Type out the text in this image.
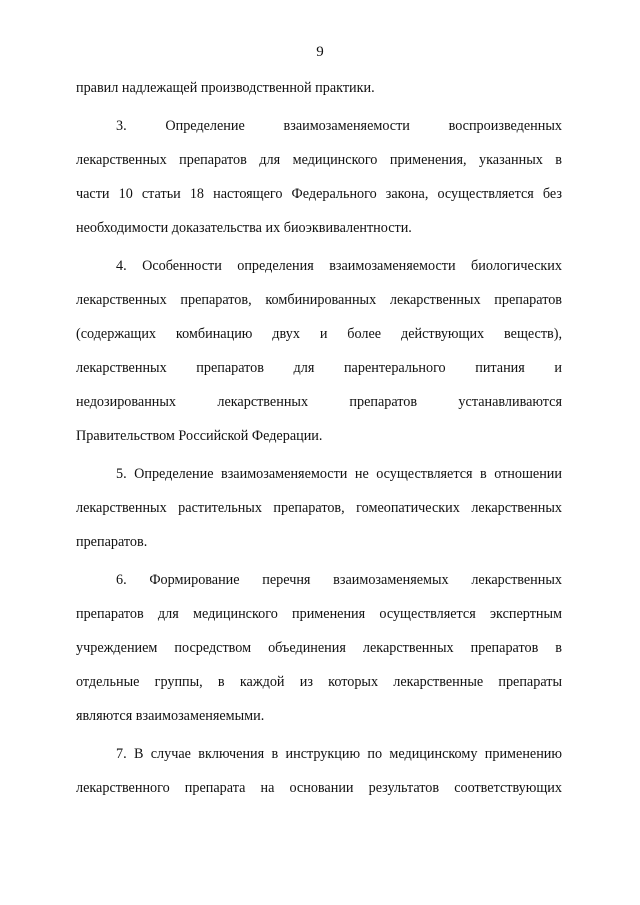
9
правил надлежащей производственной практики.
3. Определение взаимозаменяемости воспроизведенных
лекарственных препаратов для медицинского применения, указанных в
части 10 статьи 18 настоящего Федерального закона, осуществляется без
необходимости доказательства их биоэквивалентности.
4. Особенности определения взаимозаменяемости биологических
лекарственных препаратов, комбинированных лекарственных препаратов
(содержащих комбинацию двух и более действующих веществ),
лекарственных препаратов для парентерального питания и
недозированных лекарственных препаратов устанавливаются
Правительством Российской Федерации.
5. Определение взаимозаменяемости не осуществляется в отношении
лекарственных растительных препаратов, гомеопатических лекарственных
препаратов.
6. Формирование перечня взаимозаменяемых лекарственных
препаратов для медицинского применения осуществляется экспертным
учреждением посредством объединения лекарственных препаратов в
отдельные группы, в каждой из которых лекарственные препараты
являются взаимозаменяемыми.
7. В случае включения в инструкцию по медицинскому применению
лекарственного препарата на основании результатов соответствующих
